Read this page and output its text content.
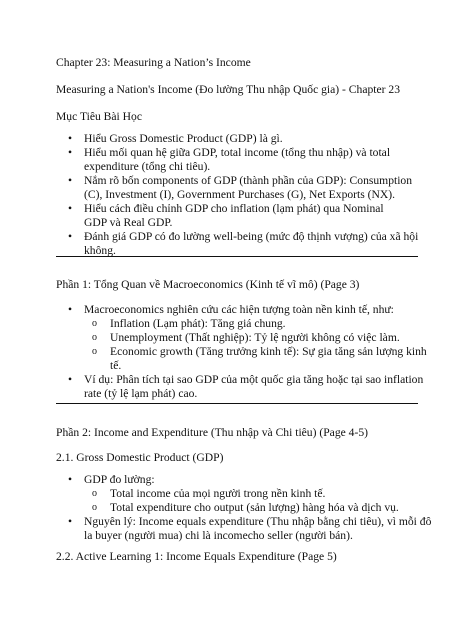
Chapter 23: Measuring a Nation’s Income

Measuring a Nation's Income (Đo lường Thu nhập Quốc gia) - Chapter 23

Mục Tiêu Bài Học

• Hiểu Gross Domestic Product (GDP) là gì.
• Hiểu mối quan hệ giữa GDP, total income (tổng thu nhập) và total
expenditure (tổng chi tiêu).
• Nắm rõ bốn components of GDP (thành phần của GDP): Consumption
(C), Investment (I), Government Purchases (G), Net Exports (NX).
• Hiểu cách điều chỉnh GDP cho inflation (lạm phát) qua Nominal
GDP và Real GDP.
• Đánh giá GDP có đo lường well-being (mức độ thịnh vượng) của xã hội
không.

Phần 1: Tổng Quan về Macroeconomics (Kinh tế vĩ mô) (Page 3)

• Macroeconomics nghiên cứu các hiện tượng toàn nền kinh tế, như:
o Inflation (Lạm phát): Tăng giá chung.
o Unemployment (Thất nghiệp): Tỷ lệ người không có việc làm.
o Economic growth (Tăng trưởng kinh tế): Sự gia tăng sản lượng kinh
tế.
• Ví dụ: Phân tích tại sao GDP của một quốc gia tăng hoặc tại sao inflation
rate (tỷ lệ lạm phát) cao.

Phần 2: Income and Expenditure (Thu nhập và Chi tiêu) (Page 4-5)

2.1. Gross Domestic Product (GDP)

• GDP đo lường:
o Total income của mọi người trong nền kinh tế.
o Total expenditure cho output (sản lượng) hàng hóa và dịch vụ.
• Nguyên lý: Income equals expenditure (Thu nhập bằng chi tiêu), vì mỗi đô
la buyer (người mua) chi là incomecho seller (người bán).

2.2. Active Learning 1: Income Equals Expenditure (Page 5)
